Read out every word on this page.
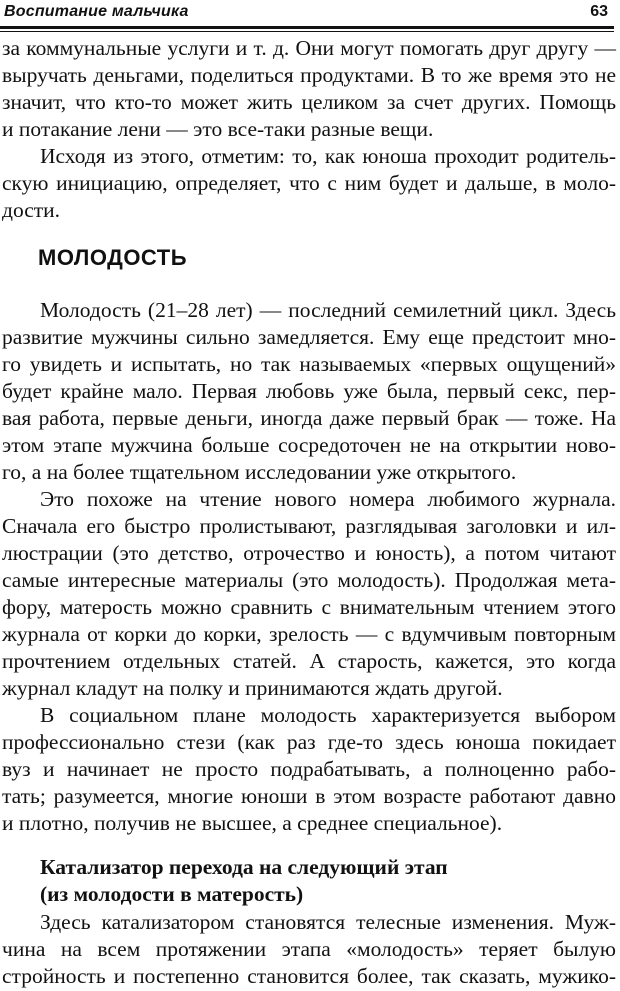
Воспитание мальчика	63
за коммунальные услуги и т. д. Они могут помогать друг другу —
выручать деньгами, поделиться продуктами. В то же время это не
значит, что кто-то может жить целиком за счет других. Помощь
и потакание лени — это все-таки разные вещи.
Исходя из этого, отметим: то, как юноша проходит родитель-
скую инициацию, определяет, что с ним будет и дальше, в моло-
дости.
Молодость (21–28 лет) — последний семилетний цикл. Здесь
развитие мужчины сильно замедляется. Ему еще предстоит мно-
го увидеть и испытать, но так называемых «первых ощущений»
будет крайне мало. Первая любовь уже была, первый секс, пер-
вая работа, первые деньги, иногда даже первый брак — тоже. На
этом этапе мужчина больше сосредоточен не на открытии ново-
го, а на более тщательном исследовании уже открытого.
Это похоже на чтение нового номера любимого журнала.
Сначала его быстро пролистывают, разглядывая заголовки и ил-
люстрации (это детство, отрочество и юность), а потом читают
самые интересные материалы (это молодость). Продолжая мета-
фору, матерость можно сравнить с внимательным чтением этого
журнала от корки до корки, зрелость — с вдумчивым повторным
прочтением отдельных статей. А старость, кажется, это когда
журнал кладут на полку и принимаются ждать другой.
В социальном плане молодость характеризуется выбором
профессионально стези (как раз где-то здесь юноша покидает
вуз и начинает не просто подрабатывать, а полноценно рабо-
тать; разумеется, многие юноши в этом возрасте работают давно
и плотно, получив не высшее, а среднее специальное).
Здесь катализатором становятся телесные изменения. Муж-
чина на всем протяжении этапа «молодость» теряет былую
стройность и постепенно становится более, так сказать, мужико-
МОЛОДОСТЬ
Катализатор перехода на следующий этап
(из молодости в матерость)
